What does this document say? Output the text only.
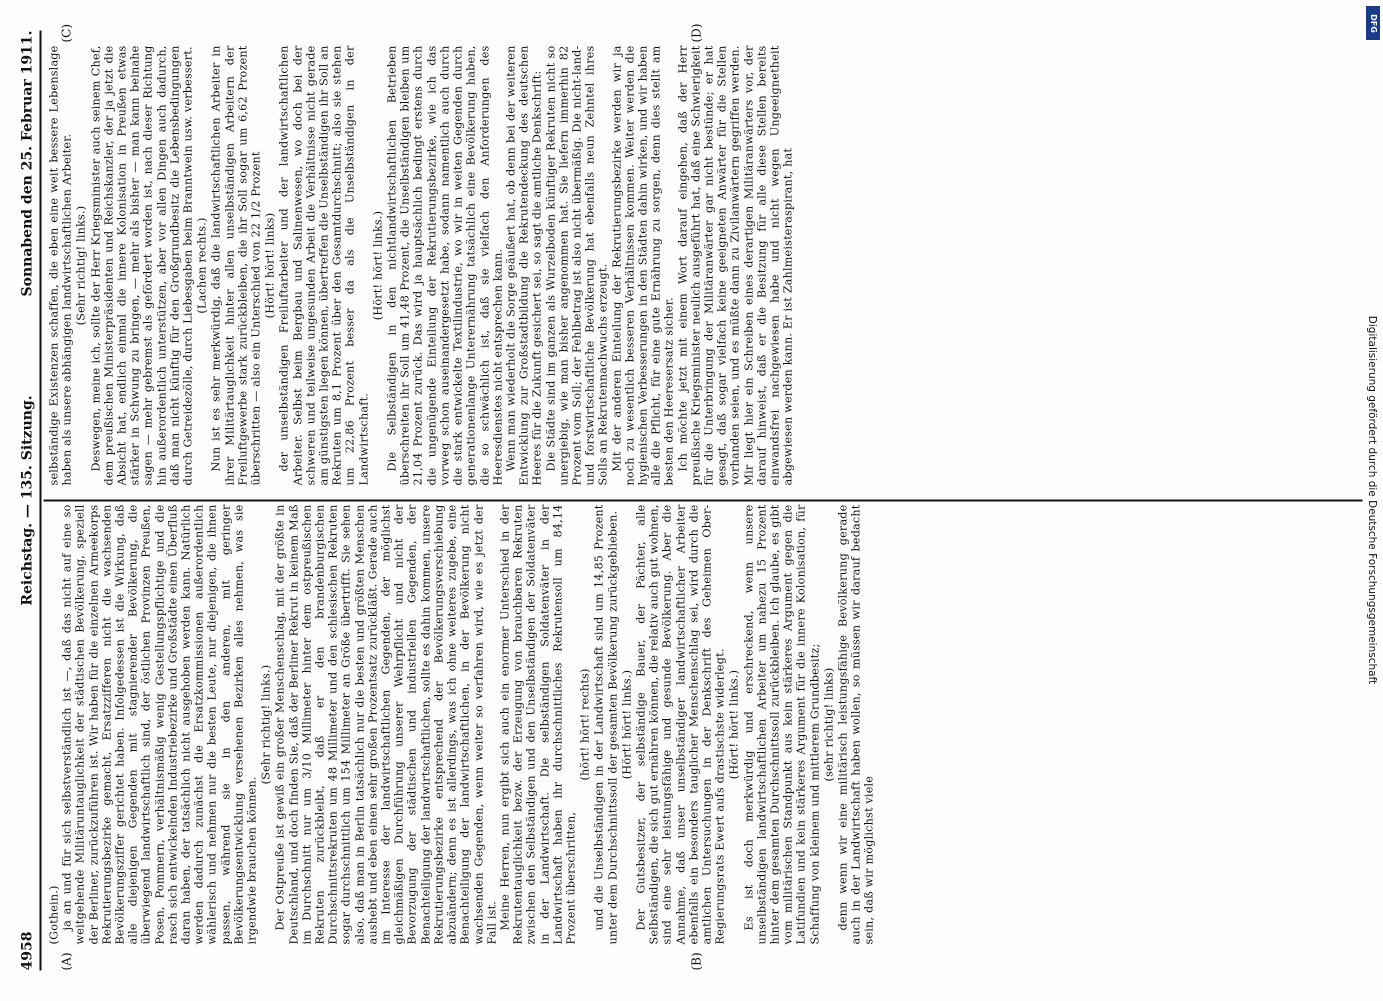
4958
Reichstag. — 135. Sitzung.
Sonnabend den 25. Februar 1911.
(A)	(B)
(C)	(D)

(Gothein.) ja an und für sich selbstverständlich ist —, daß das nicht auf eine so weitgehende Militäruntauglichkeit der städtischen Bevölkerung, speziell der Berliner, zurückzuführen ist. Wir haben für die einzelnen Armeekorps Rekrutierungsbezirke gemacht, Ersatzzifferen nicht die wachsenden Bevölkerungsziffer gerichtet haben. Infolgedessen ist die Wirkung, daß alle diejenigen Gegenden mit stagnierender Bevölkerung, die überwiegend landwirtschaftlich sind, der östlichen Provinzen Preußen, Posen, Pommern, verhältnismäßig wenig Gestellungspflichtige und die rasch sich entwickelnden Industriebezirke und Großstädte einen Überfluß daran haben, der tatsächlich nicht ausgehoben werden kann. Natürlich werden dadurch zunächst die Ersatzkommissionen außerordentlich wählerisch und nehmen nur die besten Leute, nur diejenigen, die ihnen passen, während sie in den anderen, mit geringer Bevölkerungsentwicklung versehenen Bezirken alles nehmen, was sie irgendwie brauchen können.

(Sehr richtig! links.) Der Ostpreuße ist gewiß ein großer Menschenschlag, mit der größte in Deutschland, und doch finden Sie, daß der Berliner Rekrut in keinem Maß im Durchschnitt nur um 3/10 Millimeter hinter dem ostpreußischen Rekruten zurückbleibt, daß er den brandenburgischen Durchschnittsrekruten um 48 Millimeter und den schlesischen Rekruten sogar durchschnittlich um 154 Millimeter an Größe übertrifft. Sie sehen also, daß man in Berlin tatsächlich nur die besten und größten Menschen aushebt und eben einen sehr großen Prozentsatz zurückläßt. Gerade auch im Interesse der landwirtschaftlichen Gegenden, der möglichst gleichmäßigen Durchführung unserer Wehrpflicht und nicht der Bevorzugung der städtischen und industriellen Gegenden, der Benachteiligung der landwirtschaftlichen, sollte es dahin kommen, unsere Rekrutierungsbezirke entsprechend der Bevölkerungsverschiebung abzuändern; denn es ist allerdings, was ich ohne weiteres zugebe, eine Benachteiligung der landwirtschaftlichen, in der Bevölkerung nicht wachsenden Gegenden, wenn weiter so verfahren wird, wie es jetzt der Fall ist. Meine Herren, nun ergibt sich auch ein enormer Unterschied in der Rekrutentauglichkeit bezw. der Erzeugung von brauchbaren Rekruten zwischen den Selbständigen und den Unselbständigen der Soldatenväter in der Landwirtschaft. Die selbständigen Soldatenväter in der Landwirtschaft haben ihr durchschnittliches Rekrutensoll um 84,14 Prozent überschritten,

(hört! hört! rechts) und die Unselbständigen in der Landwirtschaft sind um 14,85 Prozent unter dem Durchschnittssoll der gesamten Bevölkerung zurückgeblieben. (Hört! hört! links.) Der Gutsbesitzer, der selbständige Bauer, der Pächter, alle Selbständigen, die sich gut ernähren können, die relativ auch gut wohnen, sind eine sehr leistungsfähige und gesunde Bevölkerung. Aber die Annahme, daß unser unselbständiger landwirtschaftlicher Arbeiter ebenfalls ein besonders tauglicher Menschenschlag sei, wird durch die amtlichen Untersuchungen in der Denkschrift des Geheimen Ober-Regierungsrats Ewert aufs drastischste widerlegt. (Hört! hört! links.) Es ist doch merkwürdig und erschreckend, wenn unsere unselbständigen landwirtschaftlichen Arbeiter um nahezu 15 Prozent hinter dem gesamten Durchschnittssoll zurückbleiben. Ich glaube, es gibt vom militärischen Standpunkt aus kein stärkeres Argument gegen die Latifundien und kein stärkeres Argument für die innere Kolonisation, für Schaffung von kleinem und mittlerem Grundbesitz; (sehr richtig! links) denn wenn wir eine militärisch leistungsfähige Bevölkerung gerade auch in der Landwirtschaft haben wollen, so müssen wir darauf bedacht sein, daß wir möglichst viele

selbständige Existenzen schaffen, die eben eine weit bessere Lebenslage haben als unsere abhängigen landwirtschaftlichen Arbeiter. (Sehr richtig! links.) Deswegen, meine ich, sollte der Herr Kriegsminister auch seinem Chef, dem preußischen Ministerpräsidenten und Reichskanzler, der ja jetzt die Absicht hat, endlich einmal die innere Kolonisation in Preußen etwas stärker in Schwung zu bringen, — mehr als bisher — man kann beinahe sagen — mehr gebremst als gefördert worden ist, nach dieser Richtung hin außerordentlich unterstützen, aber vor allen Dingen auch dadurch, daß man nicht künftig für den Großgrundbesitz die Lebensbedingungen durch Getreidezölle, durch Liebesgaben beim Branntwein usw. verbessert. (Lachen rechts.) Nun ist es sehr merkwürdig, daß die landwirtschaftlichen Arbeiter in ihrer Militärtauglichkeit hinter allen unselbständigen Arbeitern der Freiluftgewerbe stark zurückbleiben, die ihr Soll sogar um 6,62 Prozent überschritten — also ein Unterschied von 22 1/2 Prozent (Hört! hört! links) der unselbständigen Freiluftarbeiter und der landwirtschaftlichen Arbeiter. Selbst beim Bergbau und Salinenwesen, wo doch bei der schweren und teilweise ungesunden Arbeit die Verhältnisse nicht gerade am günstigsten liegen können, übertreffen die Unselbständigen ihr Soll an Rekruten um 8,1 Prozent über den Gesamtdurchschnitt; also sie stehen um 22,86 Prozent besser da als die Unselbständigen in der Landwirtschaft.

(Hört! hört! links.) Die Selbständigen in den nichtlandwirtschaftlichen Betrieben überschreiten ihr Soll um 41,48 Prozent, die Unselbständigen bleiben um 21,04 Prozent zurück. Das wird ja hauptsächlich bedingt erstens durch die ungenügende Einteilung der Rekrutierungsbezirke, wie ich das vorweg schon auseinandergesetzt habe, sodann namentlich auch durch die stark entwickelte Textilindustrie, wo wir in weiten Gegenden durch generationenlange Unterernährung tatsächlich eine Bevölkerung haben, die so schwächlich ist, daß sie vielfach den Anforderungen des Heeresdienstes nicht entsprechen kann. Wenn man wiederholt die Sorge geäußert hat, ob denn bei der weiteren Entwicklung zur Großstadtbildung die Rekrutendeckung des deutschen Heeres für die Zukunft gesichert sei, so sagt die amtliche Denkschrift: Die Städte sind im ganzen als Wurzelboden künftiger Rekruten nicht so unergiebig, wie man bisher angenommen hat. Sie liefern immerhin 82 Prozent vom Soll; der Fehlbetrag ist also nicht übermäßig. Die nicht-land- und forstwirtschaftliche Bevölkerung hat ebenfalls neun Zehntel ihres Solls an Rekrutennachwuchs erzeugt. Mit der anderen Einteilung der Rekrutierungsbezirke werden wir ja noch zu wesentlich besseren Verhältnissen kommen. Weiter werden die hygienischen Verbesserungen in den Städten dahin wirken, und wir haben alle die Pflicht, für eine gute Ernährung zu sorgen, denn dies stellt am besten den Heeresersatz sicher. Ich möchte jetzt mit einem Wort darauf eingehen, daß der Herr preußische Kriegsminister neulich ausgeführt hat, daß eine Schwierigkeit für die Unterbringung der Militäranwärter gar nicht bestünde; er hat gesagt, daß sogar vielfach keine geeigneten Anwärter für die Stellen vorhanden seien, und es müßte dann zu Zivilanwärtern gegriffen werden. Mir liegt hier ein Schreiben eines derartigen Militäranwärters vor, der darauf hinweist, daß er die Besitzung für alle diese Stellen bereits einwandsfrei nachgewiesen habe und nicht wegen Ungeeignetheit abgewiesen werden kann. Er ist Zahlmeisteraspirant, hat

DFG
Digitalisierung gefördert durch die Deutsche Forschungsgemeinschaft
